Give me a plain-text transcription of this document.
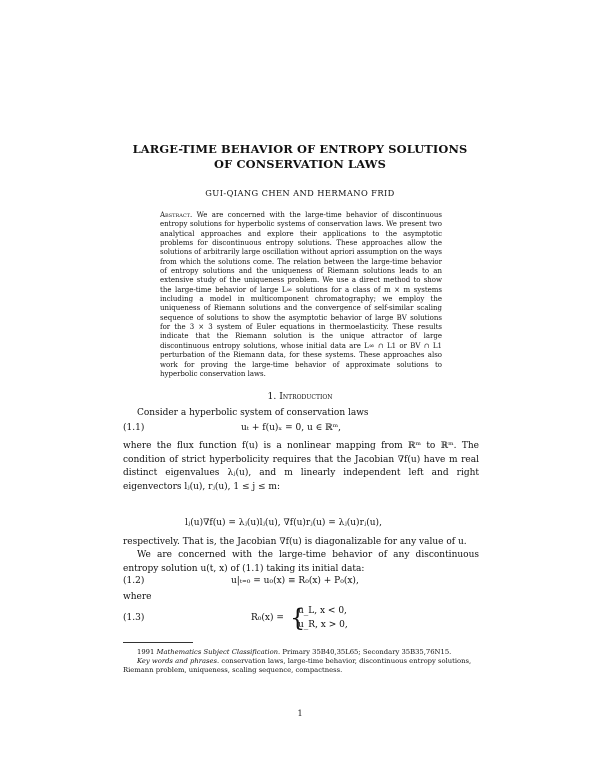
LARGE-TIME BEHAVIOR OF ENTROPY SOLUTIONS
OF CONSERVATION LAWS
GUI-QIANG CHEN AND HERMANO FRID
Abstract. We are concerned with the large-time behavior of discontinuous entropy solutions for hyperbolic systems of conservation laws. We present two analytical approaches and explore their applications to the asymptotic problems for discontinuous entropy solutions. These approaches allow the solutions of arbitrarily large oscillation without apriori assumption on the ways from which the solutions come. The relation between the large-time behavior of entropy solutions and the uniqueness of Riemann solutions leads to an extensive study of the uniqueness problem. We use a direct method to show the large-time behavior of large L∞ solutions for a class of m × m systems including a model in multicomponent chromatography; we employ the uniqueness of Riemann solutions and the convergence of self-similar scaling sequence of solutions to show the asymptotic behavior of large BV solutions for the 3 × 3 system of Euler equations in thermoelasticity. These results indicate that the Riemann solution is the unique attractor of large discontinuous entropy solutions, whose initial data are L∞ ∩ L1 or BV ∩ L1 perturbation of the Riemann data, for these systems. These approaches also work for proving the large-time behavior of approximate solutions to hyperbolic conservation laws.
1. Introduction
Consider a hyperbolic system of conservation laws
(1.1)	uₜ + f(u)ₓ = 0, u ∈ ℝᵐ,
where the flux function f(u) is a nonlinear mapping from ℝᵐ to ℝᵐ. The condition of strict hyperbolicity requires that the Jacobian ∇f(u) have m real distinct eigenvalues λⱼ(u), and m linearly independent left and right eigenvectors lⱼ(u), rⱼ(u), 1 ≤ j ≤ m:
lⱼ(u)∇f(u) = λⱼ(u)lⱼ(u), ∇f(u)rⱼ(u) = λⱼ(u)rⱼ(u),
respectively. That is, the Jacobian ∇f(u) is diagonalizable for any value of u.
We are concerned with the large-time behavior of any discontinuous entropy solution u(t, x) of (1.1) taking its initial data:
(1.2)	u|ₜ₌₀ = u₀(x) ≡ R₀(x) + P₀(x),
where
(1.3)	R₀(x) = {
u_L, x < 0,
u_R, x > 0,
1991 Mathematics Subject Classification. Primary 35B40,35L65; Secondary 35B35,76N15.
Key words and phrases. conservation laws, large-time behavior, discontinuous entropy solutions, Riemann problem, uniqueness, scaling sequence, compactness.
1
